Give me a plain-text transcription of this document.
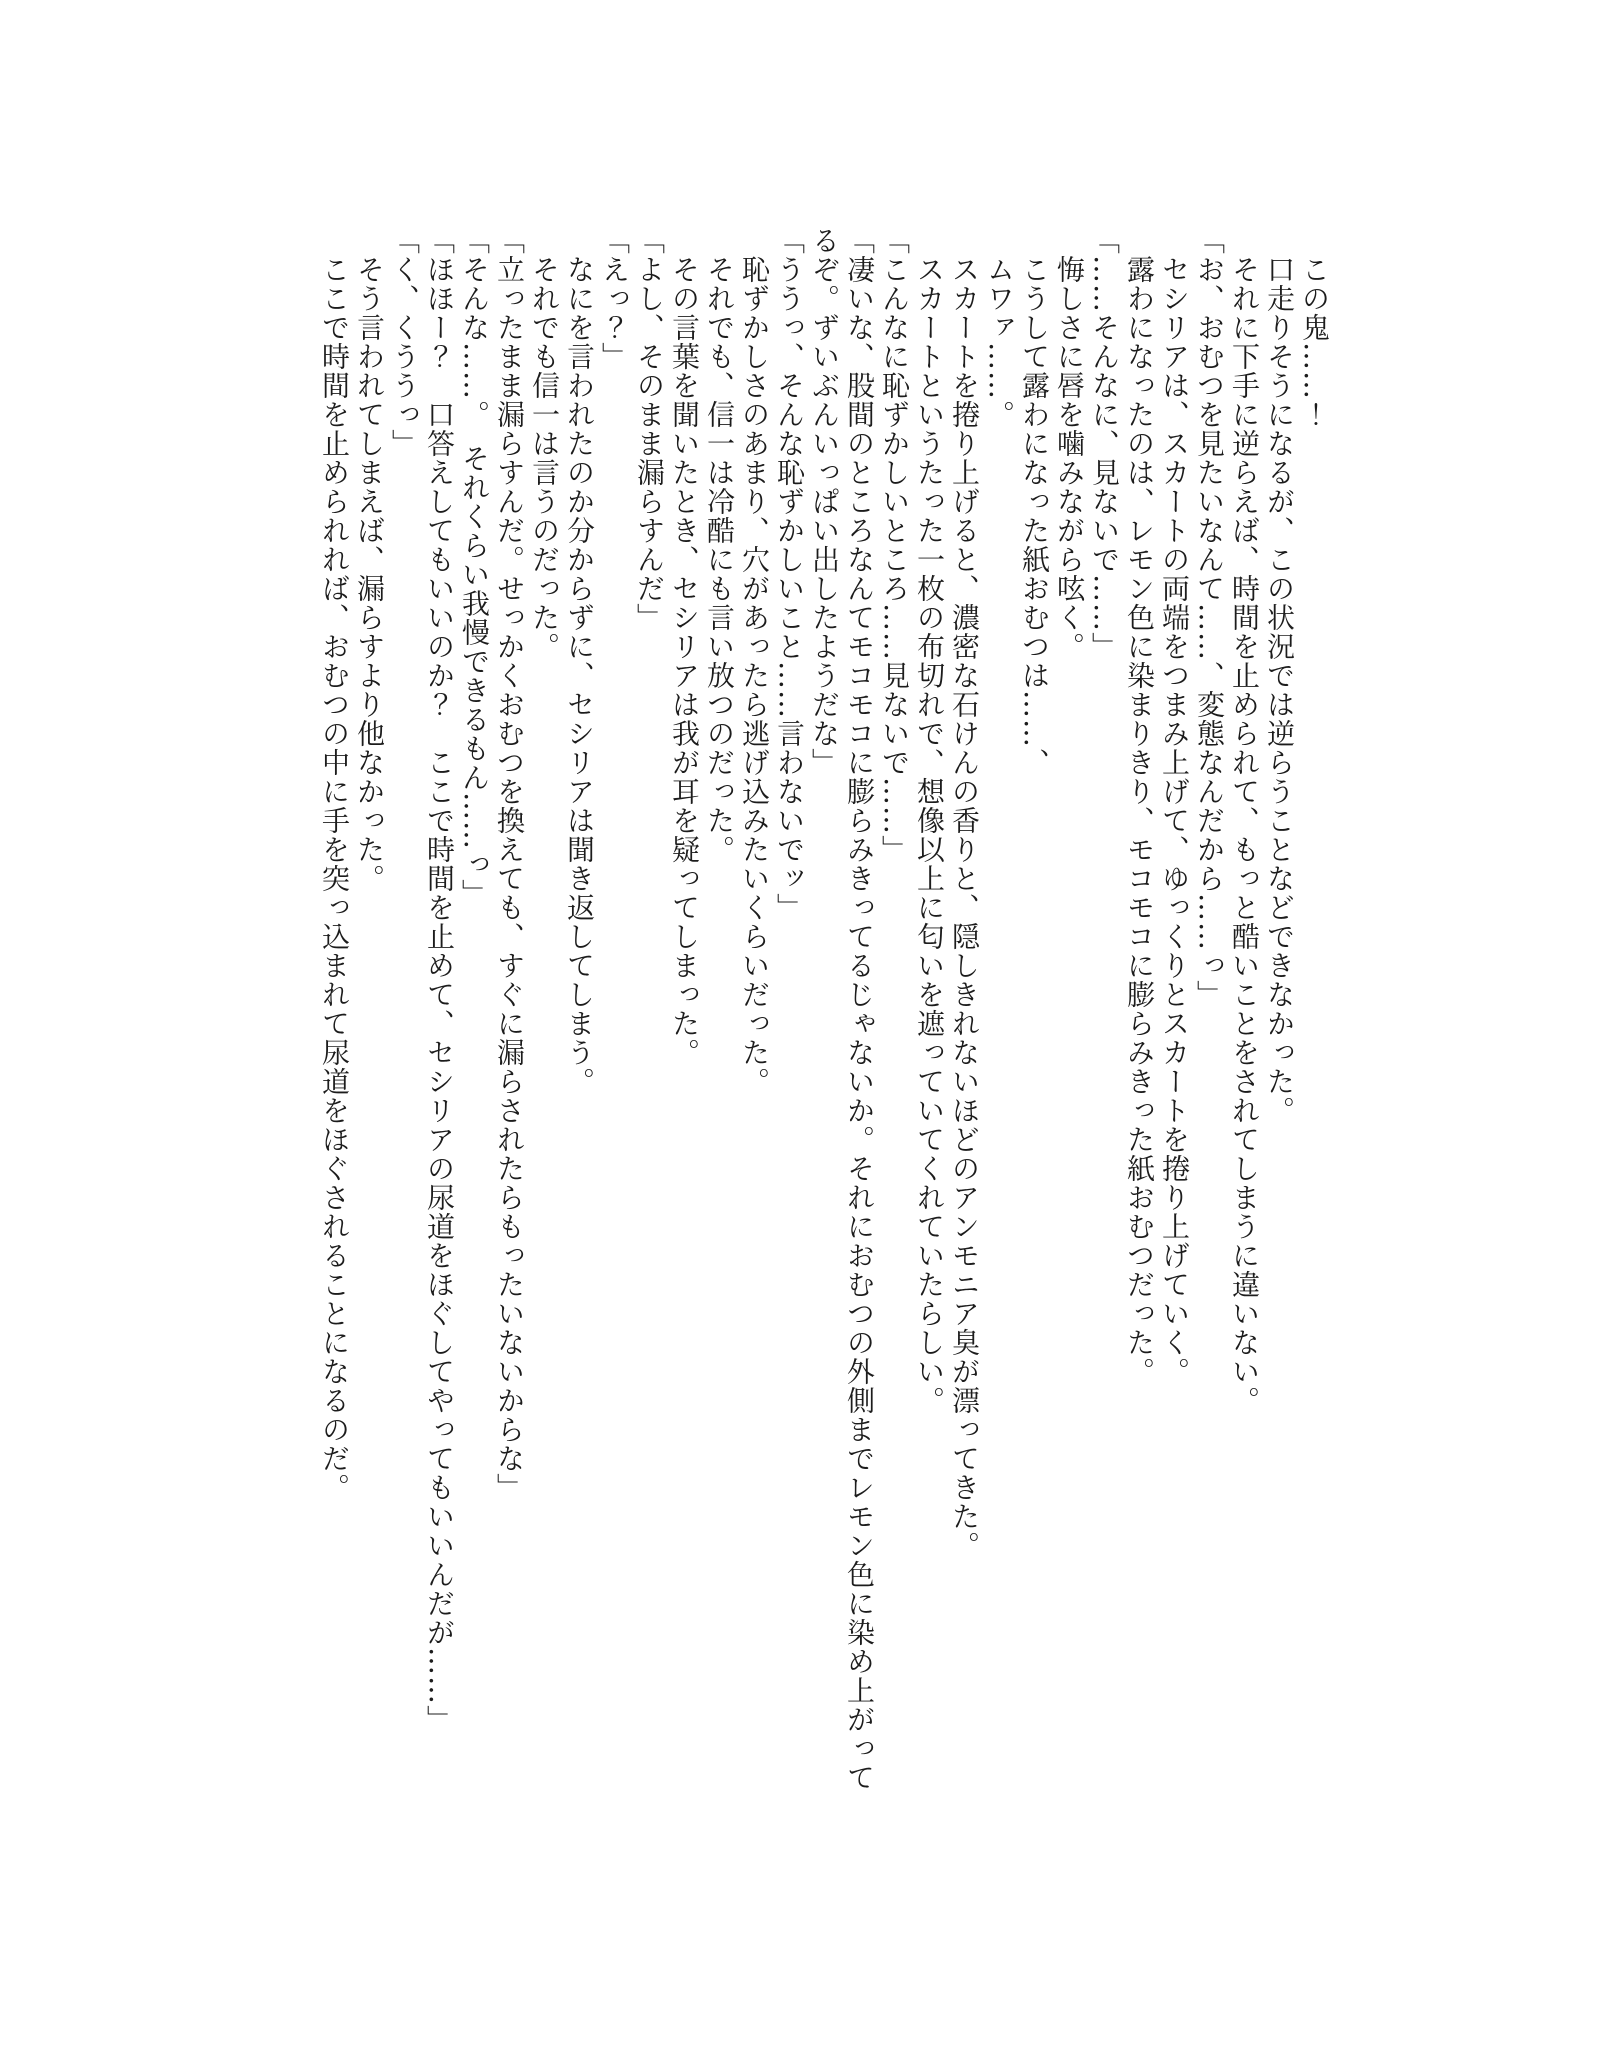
この鬼……！

口走りそうになるが、この状況では逆らうことなどできなかった。

それに下手に逆らえば、時間を止められて、もっと酷いことをされてしまうに違いない。

「お、おむつを見たいなんて……、変態なんだから……っ」

セシリアは、スカートの両端をつまみ上げて、ゆっくりとスカートを捲り上げていく。

露わになったのは、レモン色に染まりきり、モコモコに膨らみきった紙おむつだった。

「……そんなに、見ないで……」

悔しさに唇を噛みながら呟く。

こうして露わになった紙おむつは……、

ムワァ……。

スカートを捲り上げると、濃密な石けんの香りと、隠しきれないほどのアンモニア臭が漂ってきた。

スカートというたった一枚の布切れで、想像以上に匂いを遮っていてくれていたらしい。

「こんなに恥ずかしいところ……見ないで……」

「凄いな、股間のところなんてモコモコに膨らみきってるじゃないか。それにおむつの外側までレモン色に染め上がってるぞ。ずいぶんいっぱい出したようだな」

「ううっ、そんな恥ずかしいこと……言わないでッ」

恥ずかしさのあまり、穴があったら逃げ込みたいくらいだった。

それでも、信一は冷酷にも言い放つのだった。

その言葉を聞いたとき、セシリアは我が耳を疑ってしまった。

「よし、そのまま漏らすんだ」

「えっ？」

なにを言われたのか分からずに、セシリアは聞き返してしまう。

それでも信一は言うのだった。

「立ったまま漏らすんだ。せっかくおむつを換えても、すぐに漏らされたらもったいないからな」

「そんな……。　それくらい我慢できるもん……っ」

「ほほー？　口答えしてもいいのか？　ここで時間を止めて、セシリアの尿道をほぐしてやってもいいんだが……」

「く、くううっ」

そう言われてしまえば、漏らすより他なかった。

ここで時間を止められれば、おむつの中に手を突っ込まれて尿道をほぐされることになるのだ。
